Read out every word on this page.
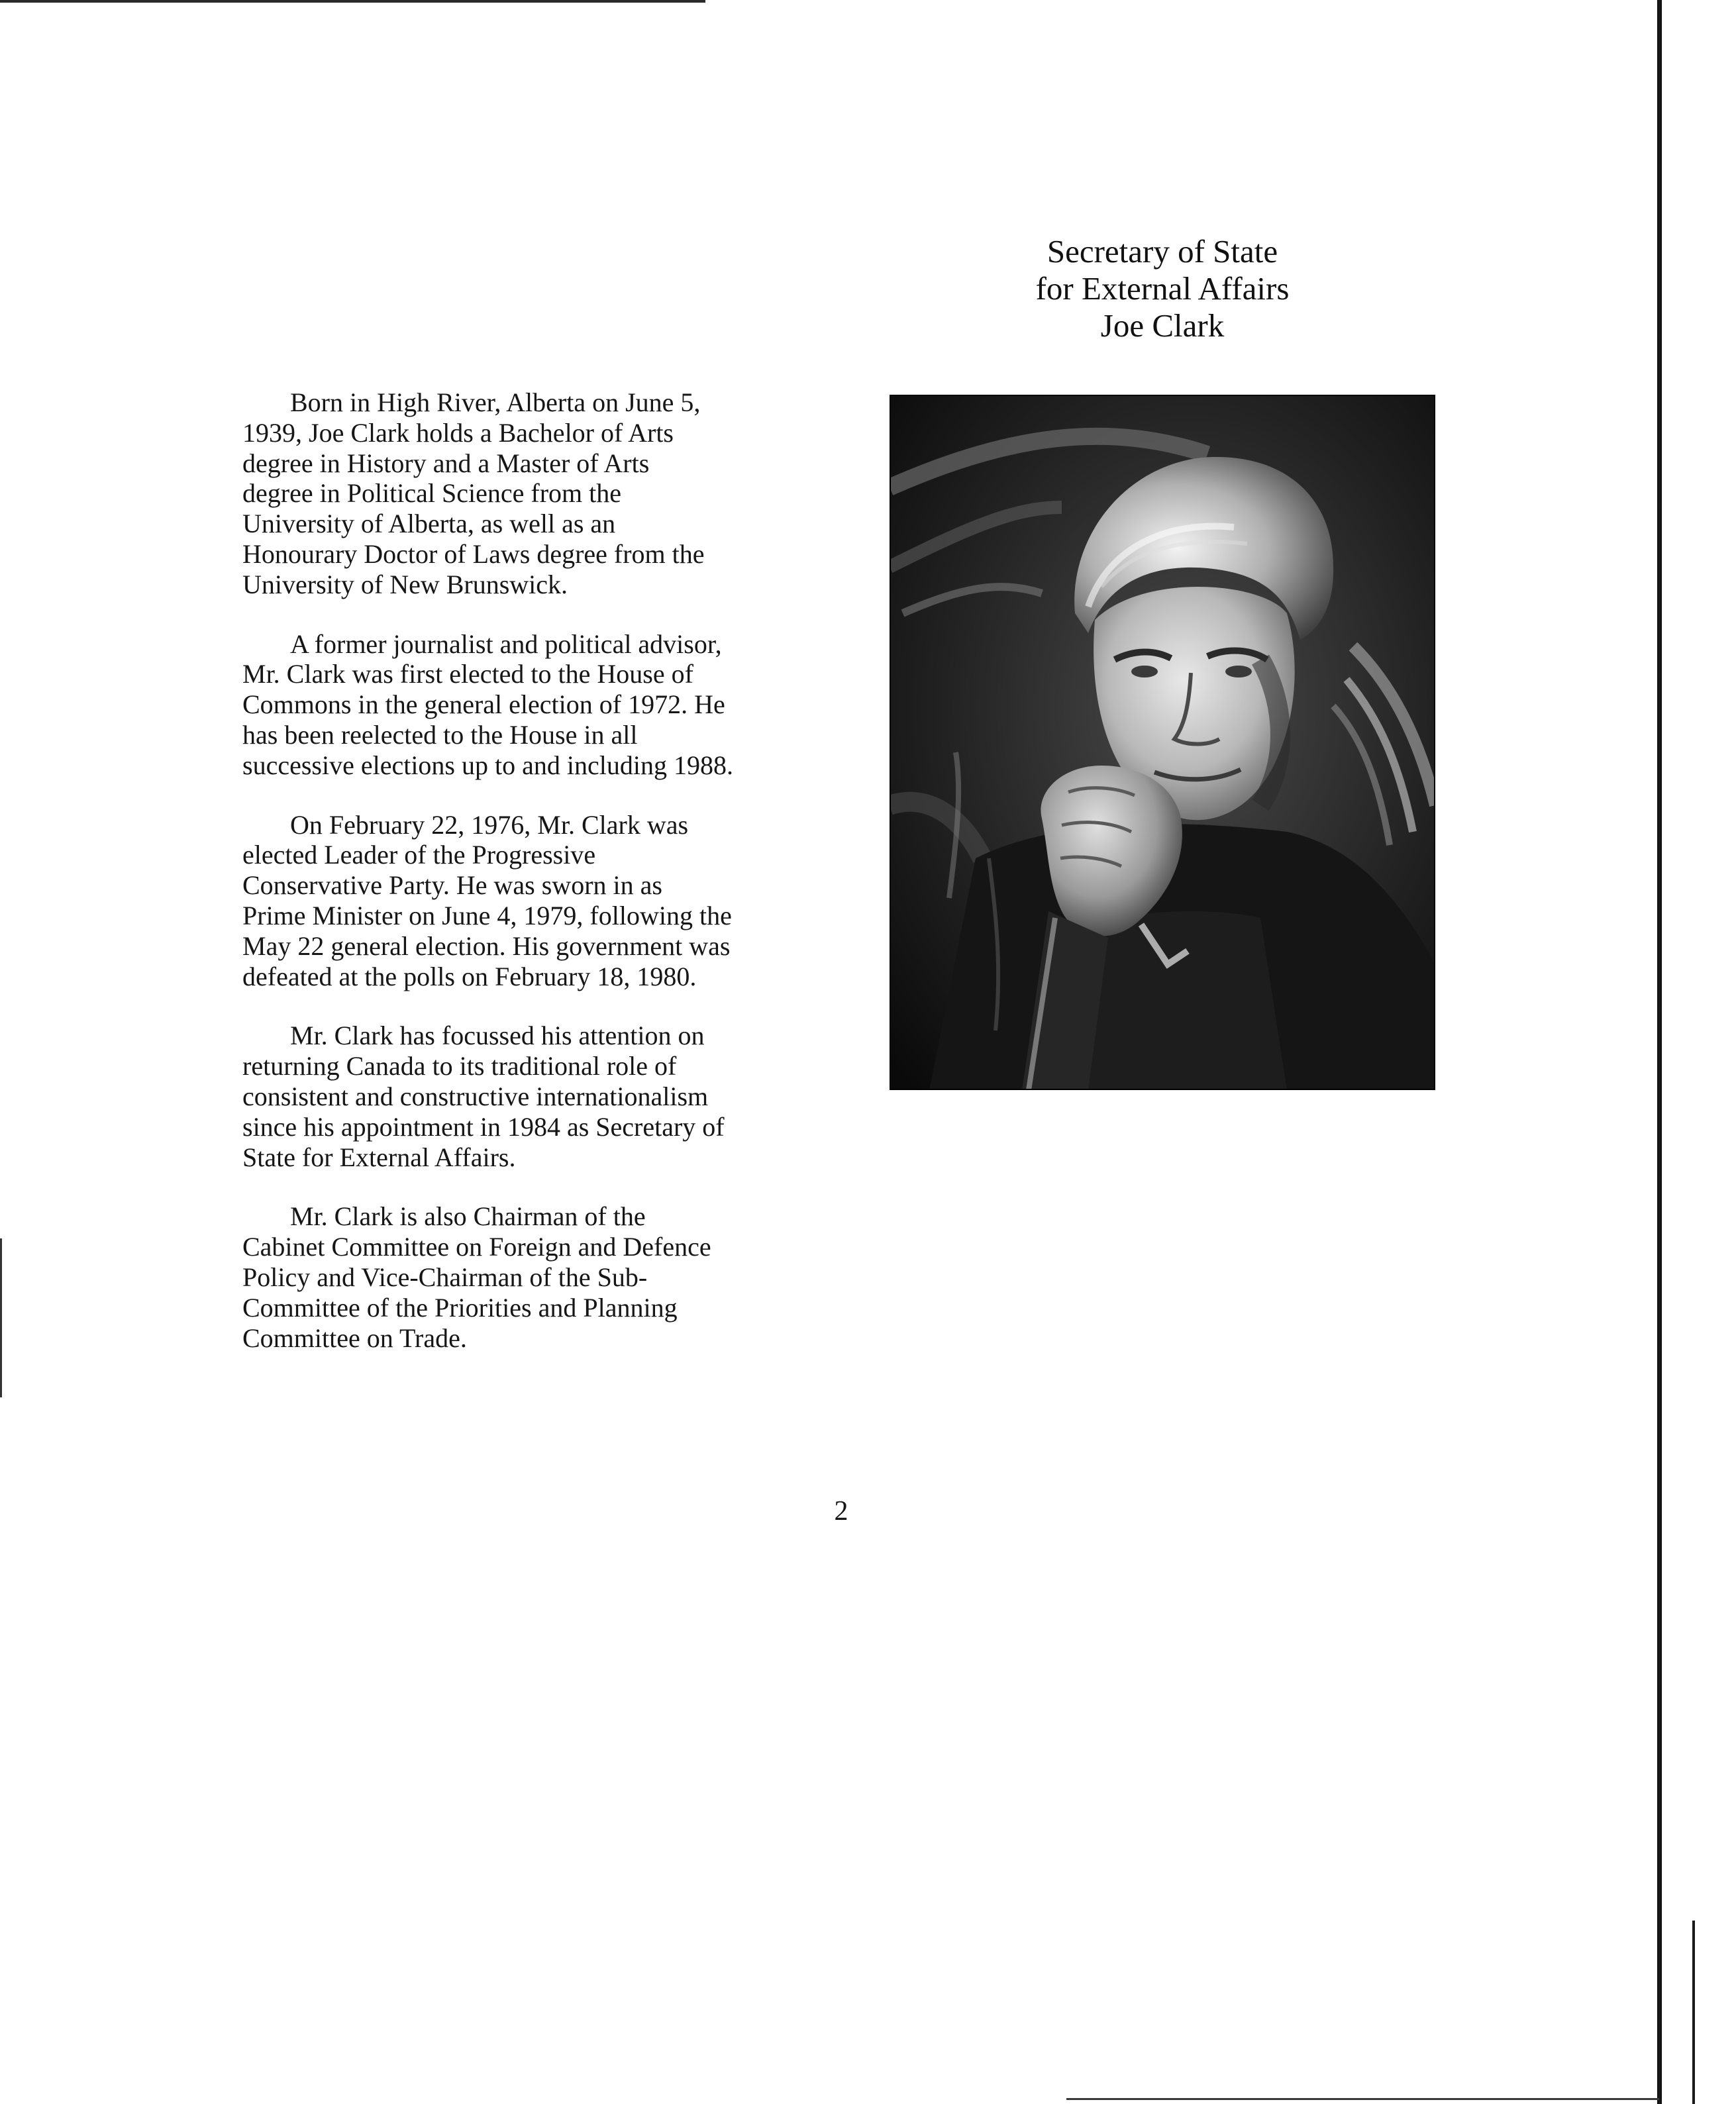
Secretary of State
for External Affairs
Joe Clark
Born in High River, Alberta on June 5,
1939, Joe Clark holds a Bachelor of Arts
degree in History and a Master of Arts
degree in Political Science from the
University of Alberta, as well as an
Honourary Doctor of Laws degree from the
University of New Brunswick.
A former journalist and political advisor,
Mr. Clark was first elected to the House of
Commons in the general election of 1972. He
has been reelected to the House in all
successive elections up to and including 1988.
On February 22, 1976, Mr. Clark was
elected Leader of the Progressive
Conservative Party. He was sworn in as
Prime Minister on June 4, 1979, following the
May 22 general election. His government was
defeated at the polls on February 18, 1980.
Mr. Clark has focussed his attention on
returning Canada to its traditional role of
consistent and constructive internationalism
since his appointment in 1984 as Secretary of
State for External Affairs.
Mr. Clark is also Chairman of the
Cabinet Committee on Foreign and Defence
Policy and Vice-Chairman of the Sub-
Committee of the Priorities and Planning
Committee on Trade.
2
